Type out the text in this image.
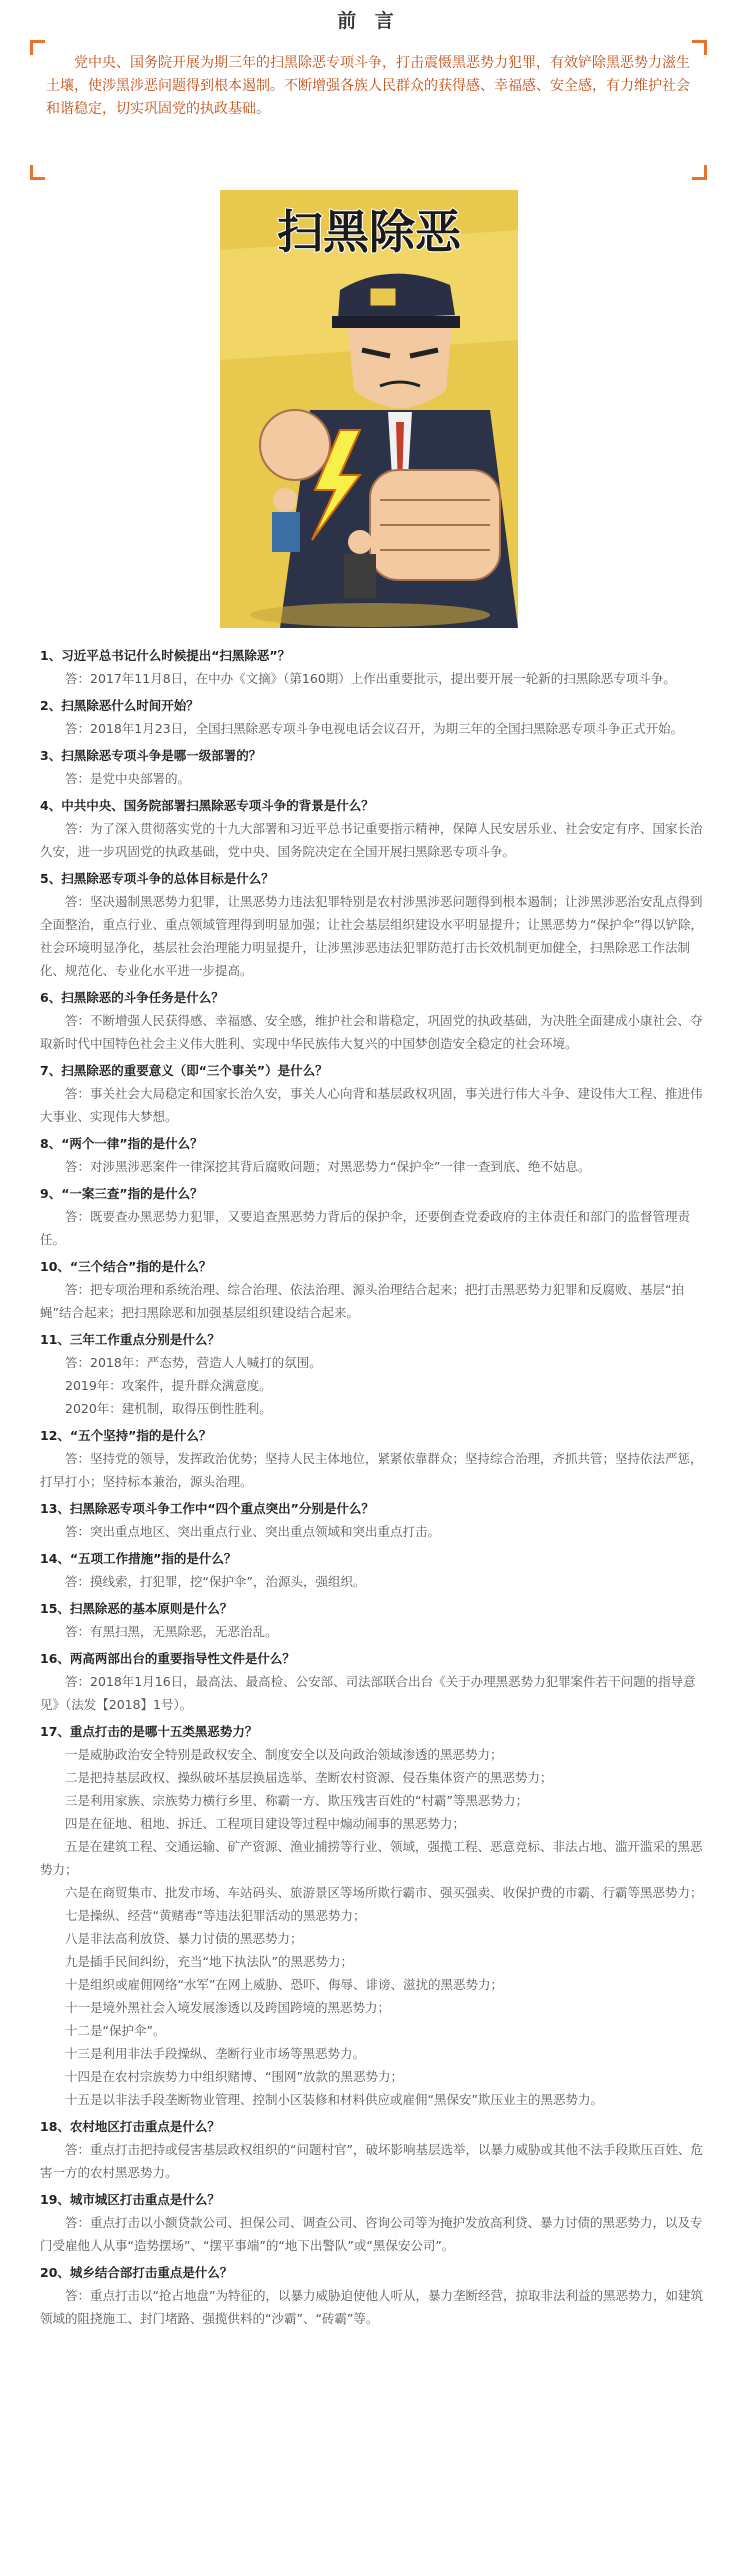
前 言
党中央、国务院开展为期三年的扫黑除恶专项斗争，打击震慑黑恶势力犯罪，有效铲除黑恶势力滋生土壤，使涉黑涉恶问题得到根本遏制。不断增强各族人民群众的获得感、幸福感、安全感，有力维护社会和谐稳定，切实巩固党的执政基础。
扫黑除恶
1、习近平总书记什么时候提出“扫黑除恶”？
答：2017年11月8日，在中办《文摘》（第160期）上作出重要批示，提出要开展一轮新的扫黑除恶专项斗争。
2、扫黑除恶什么时间开始？
答：2018年1月23日，全国扫黑除恶专项斗争电视电话会议召开，为期三年的全国扫黑除恶专项斗争正式开始。
3、扫黑除恶专项斗争是哪一级部署的？
答：是党中央部署的。
4、中共中央、国务院部署扫黑除恶专项斗争的背景是什么？
答：为了深入贯彻落实党的十九大部署和习近平总书记重要指示精神，保障人民安居乐业、社会安定有序、国家长治久安，进一步巩固党的执政基础，党中央、国务院决定在全国开展扫黑除恶专项斗争。
5、扫黑除恶专项斗争的总体目标是什么？
答：坚决遏制黑恶势力犯罪，让黑恶势力违法犯罪特别是农村涉黑涉恶问题得到根本遏制；让涉黑涉恶治安乱点得到全面整治，重点行业、重点领域管理得到明显加强；让社会基层组织建设水平明显提升；让黑恶势力“保护伞”得以铲除，社会环境明显净化，基层社会治理能力明显提升，让涉黑涉恶违法犯罪防范打击长效机制更加健全，扫黑除恶工作法制化、规范化、专业化水平进一步提高。
6、扫黑除恶的斗争任务是什么？
答：不断增强人民获得感、幸福感、安全感，维护社会和谐稳定，巩固党的执政基础，为决胜全面建成小康社会、夺取新时代中国特色社会主义伟大胜利、实现中华民族伟大复兴的中国梦创造安全稳定的社会环境。
7、扫黑除恶的重要意义（即“三个事关”）是什么？
答：事关社会大局稳定和国家长治久安，事关人心向背和基层政权巩固，事关进行伟大斗争、建设伟大工程、推进伟大事业、实现伟大梦想。
8、“两个一律”指的是什么？
答：对涉黑涉恶案件一律深挖其背后腐败问题；对黑恶势力“保护伞”一律一查到底、绝不姑息。
9、“一案三查”指的是什么？
答：既要查办黑恶势力犯罪，又要追查黑恶势力背后的保护伞，还要倒查党委政府的主体责任和部门的监督管理责任。
10、“三个结合”指的是什么？
答：把专项治理和系统治理、综合治理、依法治理、源头治理结合起来；把打击黑恶势力犯罪和反腐败、基层“拍蝇”结合起来；把扫黑除恶和加强基层组织建设结合起来。
11、三年工作重点分别是什么？
答：2018年：严态势，营造人人喊打的氛围。
2019年：攻案件，提升群众满意度。
2020年：建机制，取得压倒性胜利。
12、“五个坚持”指的是什么？
答：坚持党的领导，发挥政治优势；坚持人民主体地位，紧紧依靠群众；坚持综合治理，齐抓共管；坚持依法严惩，打早打小；坚持标本兼治，源头治理。
13、扫黑除恶专项斗争工作中“四个重点突出”分别是什么？
答：突出重点地区、突出重点行业、突出重点领域和突出重点打击。
14、“五项工作措施”指的是什么？
答：摸线索，打犯罪，挖“保护伞”，治源头，强组织。
15、扫黑除恶的基本原则是什么？
答：有黑扫黑，无黑除恶，无恶治乱。
16、两高两部出台的重要指导性文件是什么？
答：2018年1月16日，最高法、最高检、公安部、司法部联合出台《关于办理黑恶势力犯罪案件若干问题的指导意见》（法发【2018】1号）。
17、重点打击的是哪十五类黑恶势力？
一是威胁政治安全特别是政权安全、制度安全以及向政治领域渗透的黑恶势力；
二是把持基层政权、操纵破坏基层换届选举、垄断农村资源、侵吞集体资产的黑恶势力；
三是利用家族、宗族势力横行乡里、称霸一方、欺压残害百姓的“村霸”等黑恶势力；
四是在征地、租地、拆迁、工程项目建设等过程中煽动闹事的黑恶势力；
五是在建筑工程、交通运输、矿产资源、渔业捕捞等行业、领域，强揽工程、恶意竞标、非法占地、滥开滥采的黑恶势力；
六是在商贸集市、批发市场、车站码头、旅游景区等场所欺行霸市、强买强卖、收保护费的市霸、行霸等黑恶势力；
七是操纵、经营“黄赌毒”等违法犯罪活动的黑恶势力；
八是非法高利放贷、暴力讨债的黑恶势力；
九是插手民间纠纷，充当“地下执法队”的黑恶势力；
十是组织或雇佣网络“水军”在网上威胁、恐吓、侮辱、诽谤、滋扰的黑恶势力；
十一是境外黑社会入境发展渗透以及跨国跨境的黑恶势力；
十二是“保护伞”。
十三是利用非法手段操纵、垄断行业市场等黑恶势力。
十四是在农村宗族势力中组织赌博、“围网”放款的黑恶势力；
十五是以非法手段垄断物业管理、控制小区装修和材料供应或雇佣“黑保安”欺压业主的黑恶势力。
18、农村地区打击重点是什么？
答：重点打击把持或侵害基层政权组织的“问题村官”，破坏影响基层选举，以暴力威胁或其他不法手段欺压百姓、危害一方的农村黑恶势力。
19、城市城区打击重点是什么？
答：重点打击以小额贷款公司、担保公司、调查公司、咨询公司等为掩护发放高利贷、暴力讨债的黑恶势力，以及专门受雇他人从事“造势摆场”、“摆平事端”的“地下出警队”或“黑保安公司”。
20、城乡结合部打击重点是什么？
答：重点打击以“抢占地盘”为特征的，以暴力威胁迫使他人听从，暴力垄断经营，掠取非法利益的黑恶势力，如建筑领域的阻挠施工、封门堵路、强揽供料的“沙霸”、“砖霸”等。
